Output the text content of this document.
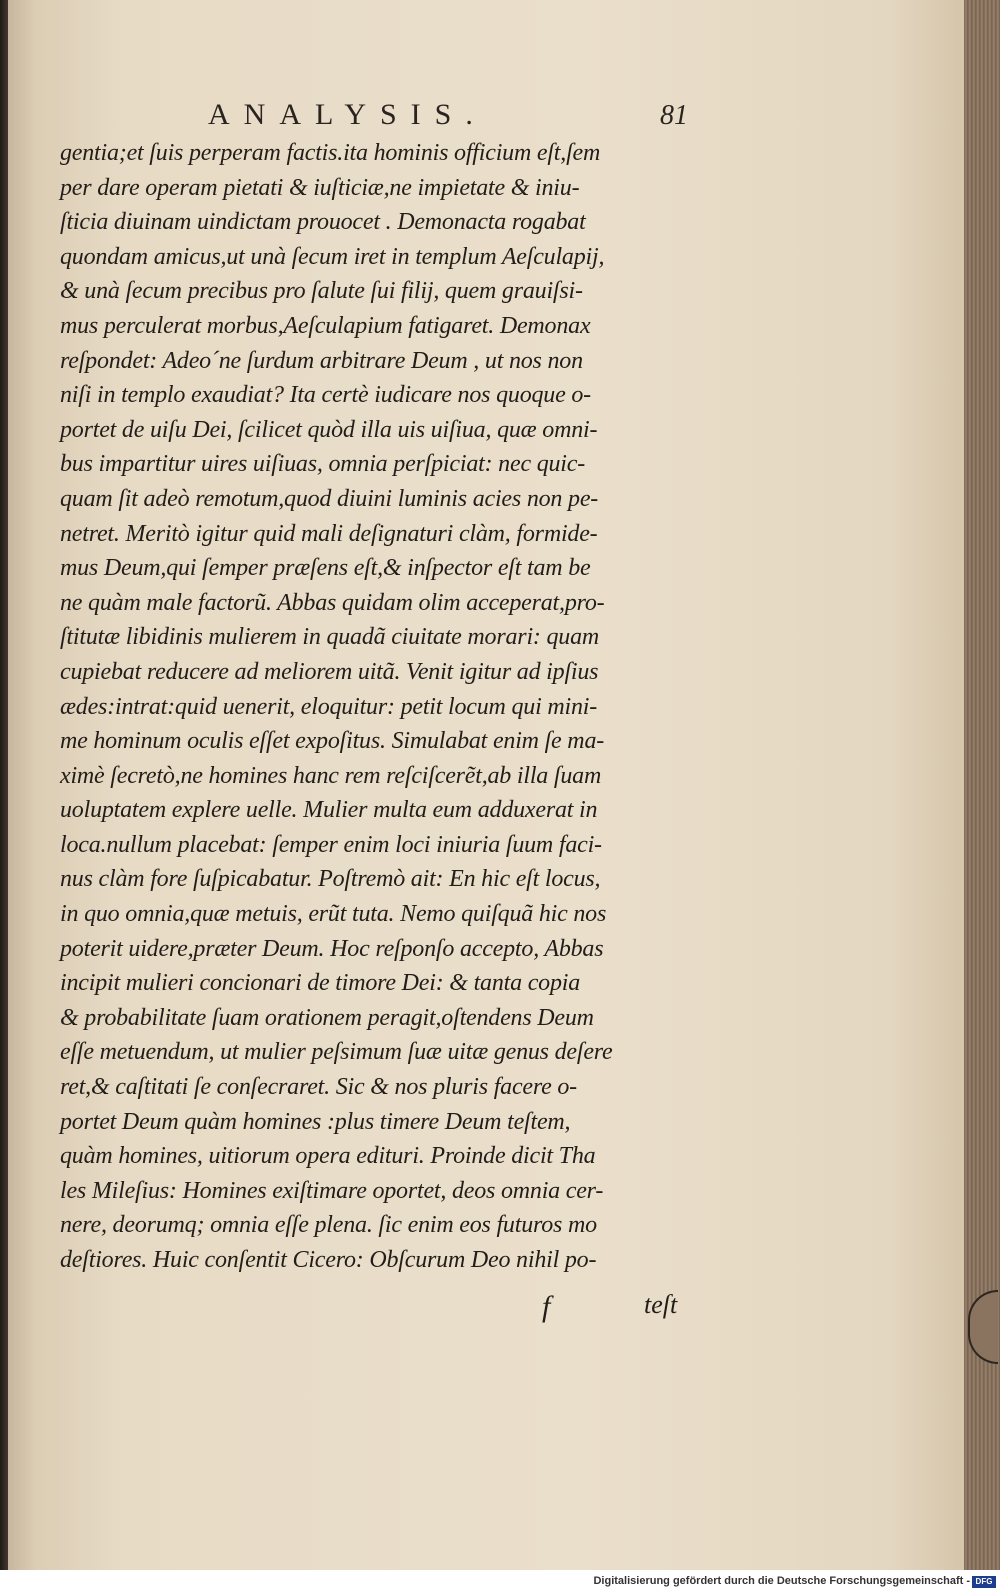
ANALYSIS.	81
gentia;et ſuis perperam factis.ita hominis officium eſt,ſem
per dare operam pietati & iuſticiæ,ne impietate & iniu-
ſticia diuinam uindictam prouocet . Demonacta rogabat
quondam amicus,ut unà ſecum iret in templum Aeſculapij,
& unà ſecum precibus pro ſalute ſui filij, quem grauiſsi-
mus perculerat morbus,Aeſculapium fatigaret. Demonax
reſpondet: Adeo´ne ſurdum arbitrare Deum , ut nos non
niſi in templo exaudiat? Ita certè iudicare nos quoque o-
portet de uiſu Dei, ſcilicet quòd illa uis uiſiua, quæ omni-
bus impartitur uires uiſiuas, omnia perſpiciat: nec quic-
quam ſit adeò remotum,quod diuini luminis acies non pe-
netret. Meritò igitur quid mali deſignaturi clàm, formide-
mus Deum,qui ſemper præſens eſt,& inſpector eſt tam be
ne quàm male factorũ. Abbas quidam olim acceperat,pro-
ſtitutæ libidinis mulierem in quadã ciuitate morari: quam
cupiebat reducere ad meliorem uitã. Venit igitur ad ipſius
ædes:intrat:quid uenerit, eloquitur: petit locum qui mini-
me hominum oculis eſſet expoſitus. Simulabat enim ſe ma-
ximè ſecretò,ne homines hanc rem reſciſcerẽt,ab illa ſuam
uoluptatem explere uelle. Mulier multa eum adduxerat in
loca.nullum placebat: ſemper enim loci iniuria ſuum faci-
nus clàm fore ſuſpicabatur. Poſtremò ait: En hic eſt locus,
in quo omnia,quæ metuis, erũt tuta. Nemo quiſquã hic nos
poterit uidere,præter Deum. Hoc reſponſo accepto, Abbas
incipit mulieri concionari de timore Dei: & tanta copia
& probabilitate ſuam orationem peragit,oſtendens Deum
eſſe metuendum, ut mulier peſsimum ſuæ uitæ genus deſere
ret,& caſtitati ſe conſecraret. Sic & nos pluris facere o-
portet Deum quàm homines :plus timere Deum teſtem,
quàm homines, uitiorum opera edituri. Proinde dicit Tha
les Mileſius: Homines exiſtimare oportet, deos omnia cer-
nere, deorumq; omnia eſſe plena. ſic enim eos futuros mo
deſtiores. Huic conſentit Cicero: Obſcurum Deo nihil po-
f	teſt
Digitalisierung gefördert durch die Deutsche Forschungsgemeinschaft - DFG
